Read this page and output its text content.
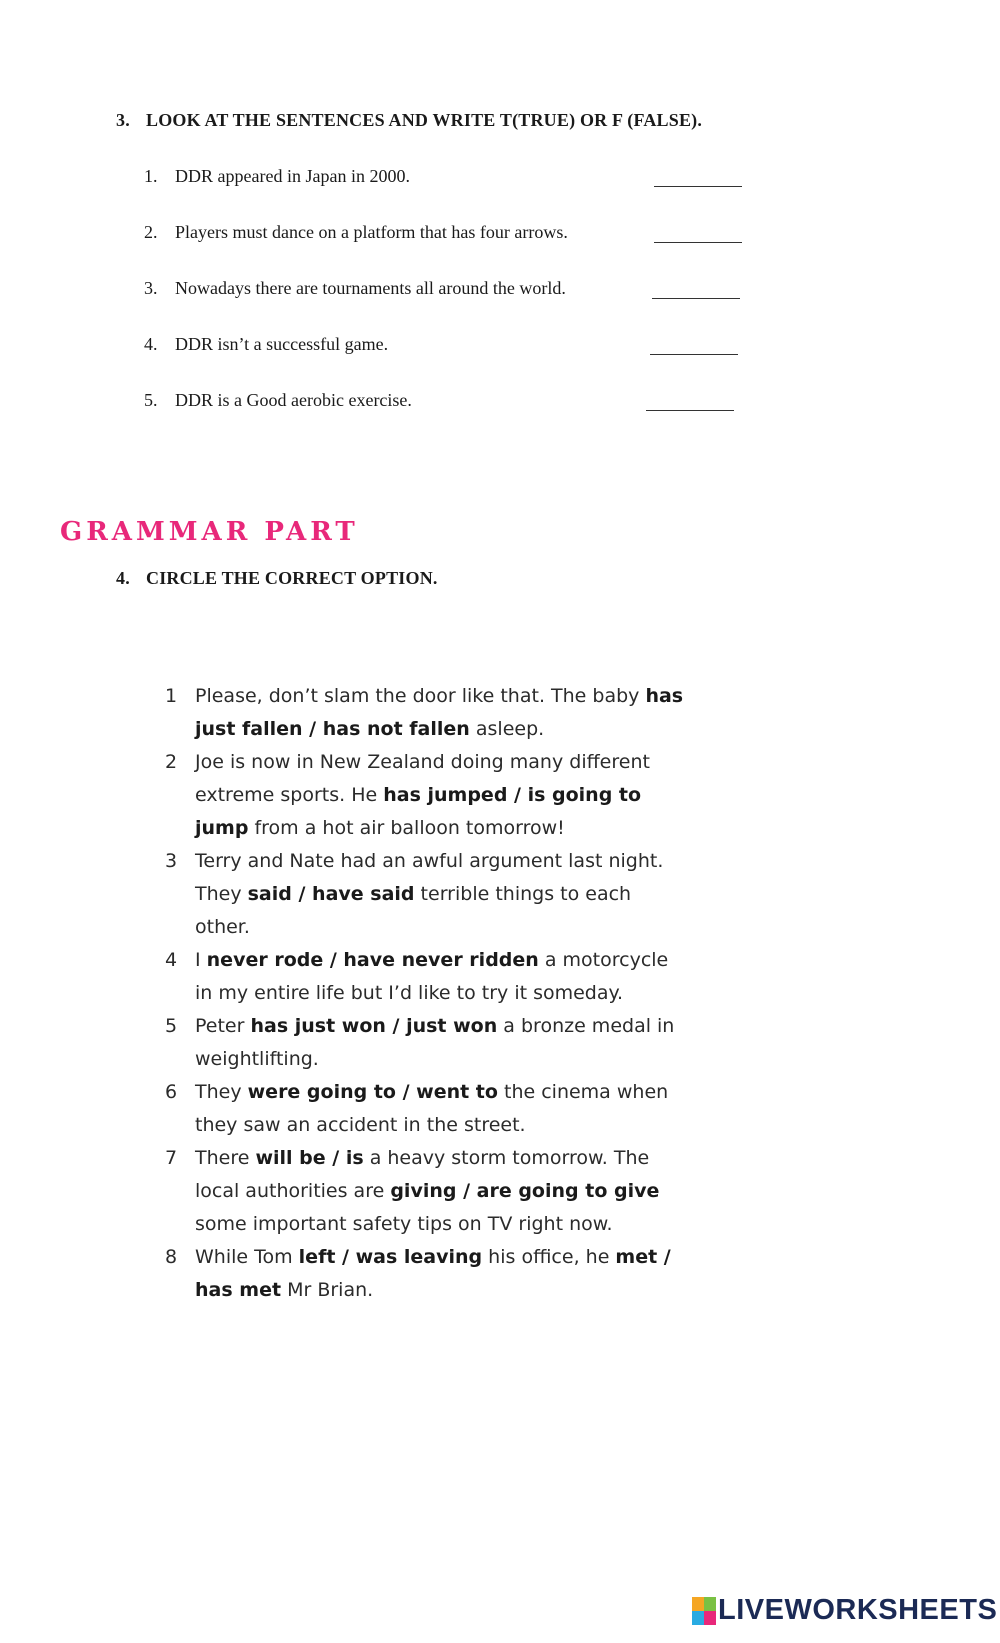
3. LOOK AT THE SENTENCES AND WRITE T(TRUE) OR F (FALSE).
1. DDR appeared in Japan in 2000.
2. Players must dance on a platform that has four arrows.
3. Nowadays there are tournaments all around the world.
4. DDR isn’t a successful game.
5. DDR is a Good aerobic exercise.
GRAMMAR PART
4. CIRCLE THE CORRECT OPTION.
1 Please, don’t slam the door like that. The baby has just fallen / has not fallen asleep.
2 Joe is now in New Zealand doing many different extreme sports. He has jumped / is going to jump from a hot air balloon tomorrow!
3 Terry and Nate had an awful argument last night. They said / have said terrible things to each other.
4 I never rode / have never ridden a motorcycle in my entire life but I’d like to try it someday.
5 Peter has just won / just won a bronze medal in weightlifting.
6 They were going to / went to the cinema when they saw an accident in the street.
7 There will be / is a heavy storm tomorrow. The local authorities are giving / are going to give some important safety tips on TV right now.
8 While Tom left / was leaving his office, he met / has met Mr Brian.
LIVEWORKSHEETS
